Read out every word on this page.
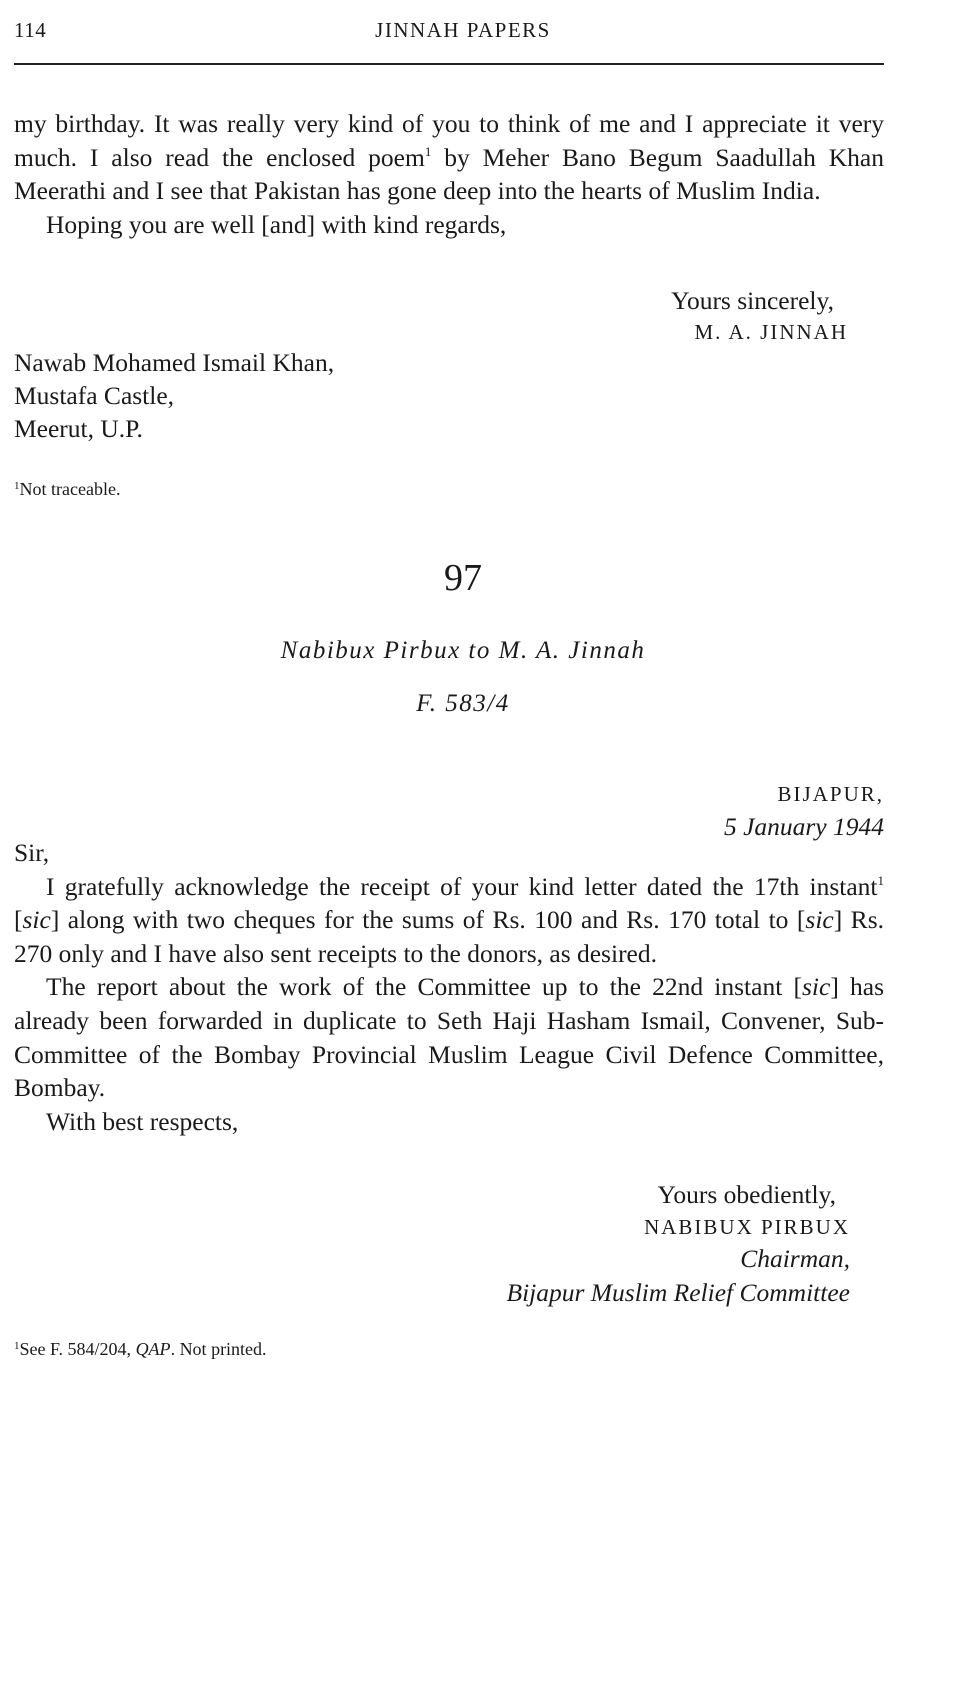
114	JINNAH PAPERS

my birthday. It was really very kind of you to think of me and I appreciate it very much. I also read the enclosed poem$^1$ by Meher Bano Begum Saadullah Khan Meerathi and I see that Pakistan has gone deep into the hearts of Muslim India.

Hoping you are well [and] with kind regards,

Yours sincerely,
M. A. JINNAH
Nawab Mohamed Ismail Khan,
Mustafa Castle,
Meerut, U.P.
$^1$Not traceable.
97
Nabibux Pirbux to M. A. Jinnah
F. 583/4
BIJAPUR,
5 January 1944

Sir,

I gratefully acknowledge the receipt of your kind letter dated the 17th instant$^1$ [sic] along with two cheques for the sums of Rs. 100 and Rs. 170 total to [sic] Rs. 270 only and I have also sent receipts to the donors, as desired.

The report about the work of the Committee up to the 22nd instant [sic] has already been forwarded in duplicate to Seth Haji Hasham Ismail, Convener, Sub-Committee of the Bombay Provincial Muslim League Civil Defence Committee, Bombay.

With best respects,

Yours obediently,
NABIBUX PIRBUX
Chairman,
Bijapur Muslim Relief Committee
$^1$See F. 584/204, QAP. Not printed.
